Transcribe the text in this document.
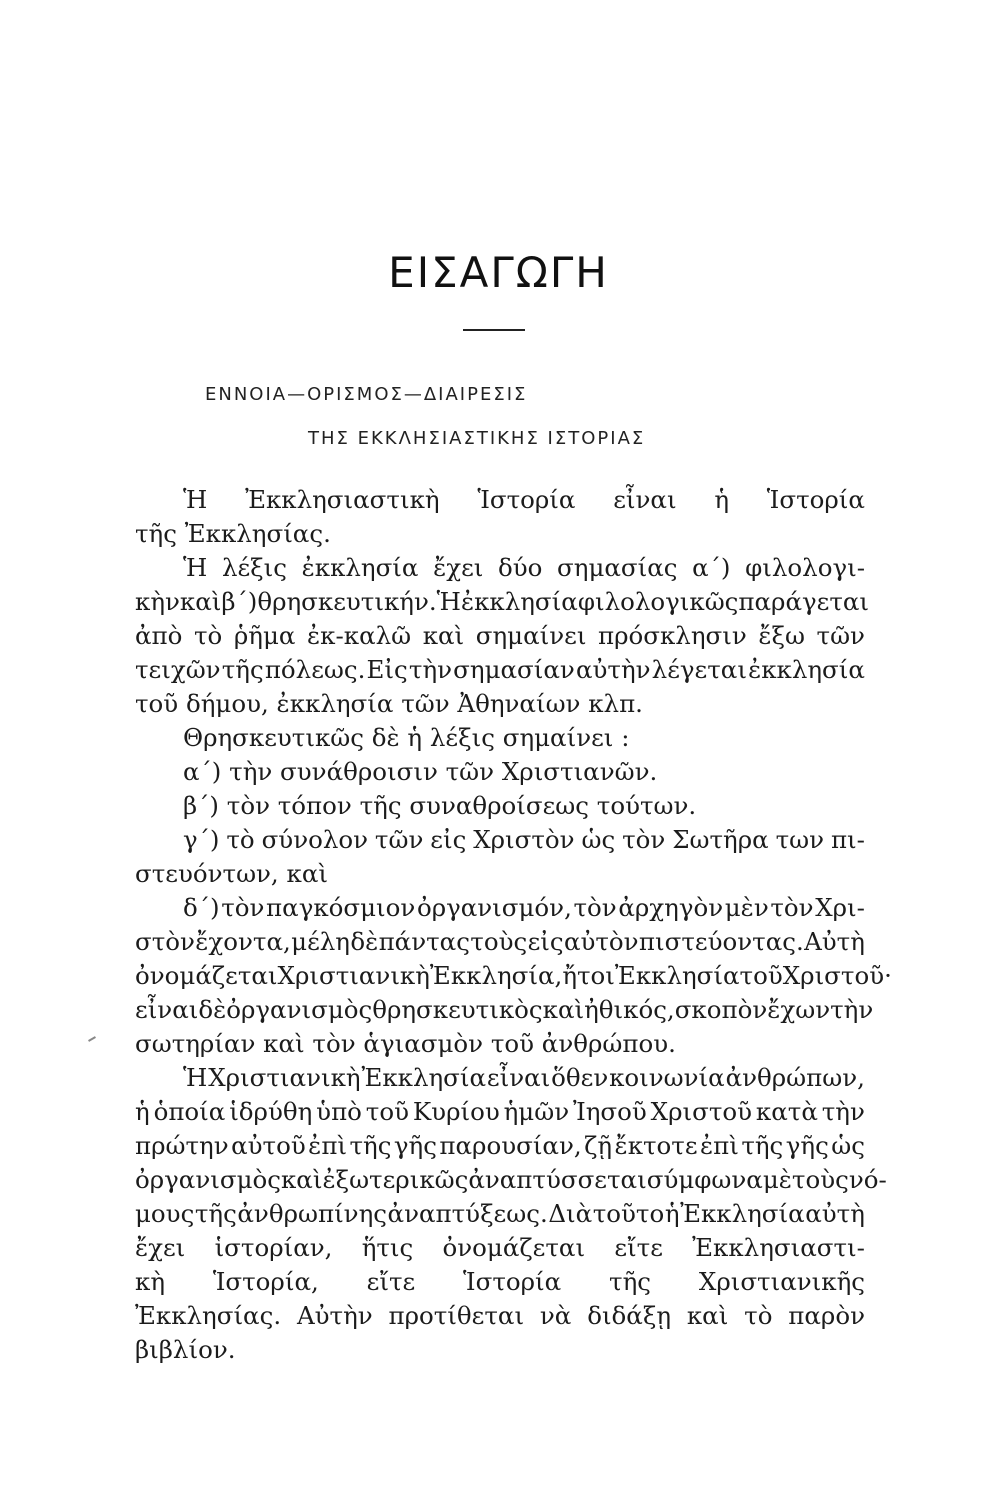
ΕΙΣΑΓΩΓΗ
ΕΝΝΟΙΑ—ΟΡΙΣΜΟΣ—ΔΙΑΙΡΕΣΙΣ
ΤΗΣ ΕΚΚΛΗΣΙΑΣΤΙΚΗΣ ΙΣΤΟΡΙΑΣ
Ἡ Ἐκκλησιαστικὴ Ἱστορία εἶναι ἡ Ἱστορία
τῆς Ἐκκλησίας.
Ἡ λέξις ἐκκλησία ἔχει δύο σημασίας α΄) φιλολογι-
κὴν καὶ β΄) θρησκευτικήν. Ἡ ἐκκλησία φιλολογικῶς παράγεται
ἀπὸ τὸ ῥῆμα ἐκ-καλῶ καὶ σημαίνει πρόσκλησιν ἔξω τῶν
τειχῶν τῆς πόλεως. Εἰς τὴν σημασίαν αὐτὴν λέγεται ἐκκλησία
τοῦ δήμου, ἐκκλησία τῶν Ἀθηναίων κλπ.
Θρησκευτικῶς δὲ ἡ λέξις σημαίνει :
α΄) τὴν συνάθροισιν τῶν Χριστιανῶν.
β΄) τὸν τόπον τῆς συναθροίσεως τούτων.
γ΄) τὸ σύνολον τῶν εἰς Χριστὸν ὡς τὸν Σωτῆρα των πι-
στευόντων, καὶ
δ΄) τὸν παγκόσμιον ὀργανισμόν, τὸν ἀρχηγὸν μὲν τὸν Χρι-
στὸν ἔχοντα, μέλη δὲ πάντας τοὺς εἰς αὐτὸν πιστεύοντας. Αὐτὴ
ὀνομάζεται Χριστιανικὴ Ἐκκλησία, ἤτοι Ἐκκλησία τοῦ Χριστοῦ·
εἶναι δὲ ὀργανισμὸς θρησκευτικὸς καὶ ἠθικός, σκοπὸν ἔχων τὴν
σωτηρίαν καὶ τὸν ἁγιασμὸν τοῦ ἀνθρώπου.
Ἡ Χριστιανικὴ Ἐκκλησία εἶναι ὅθεν κοινωνία ἀνθρώπων,
ἡ ὁποία ἱδρύθη ὑπὸ τοῦ Κυρίου ἡμῶν Ἰησοῦ Χριστοῦ κατὰ τὴν
πρώτην αὐτοῦ ἐπὶ τῆς γῆς παρουσίαν, ζῇ ἔκτοτε ἐπὶ τῆς γῆς ὡς
ὀργανισμὸς καὶ ἐξωτερικῶς ἀναπτύσσεται σύμφωνα μὲ τοὺς νό-
μους τῆς ἀνθρωπίνης ἀναπτύξεως. Διὰ τοῦτο ἡ Ἐκκλησία αὐτὴ
ἔχει ἱστορίαν, ἥτις ὀνομάζεται εἴτε Ἐκκλησιαστι-
κὴ Ἱστορία, εἴτε Ἱστορία τῆς Χριστιανικῆς
Ἐκκλησίας. Αὐτὴν προτίθεται νὰ διδάξῃ καὶ τὸ παρὸν
βιβλίον.
